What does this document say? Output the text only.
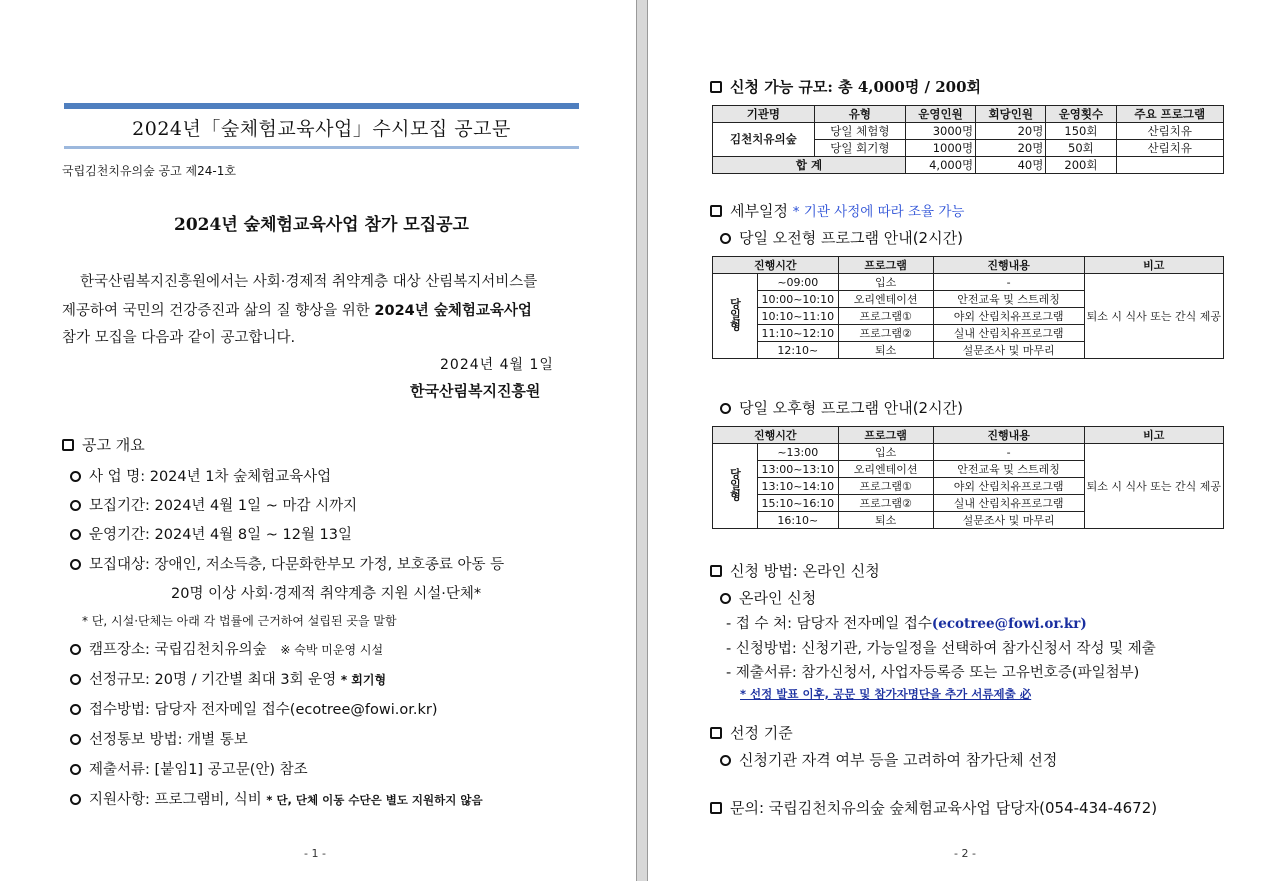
2024년「숲체험교육사업」수시모집 공고문
국립김천치유의숲 공고 제24-1호
2024년 숲체험교육사업 참가 모집공고
한국산림복지진흥원에서는 사회·경제적 취약계층 대상 산림복지서비스를
제공하여 국민의 건강증진과 삶의 질 향상을 위한 2024년 숲체험교육사업
참가 모집을 다음과 같이 공고합니다.
2024년 4월 1일
한국산림복지진흥원
공고 개요
사 업 명: 2024년 1차 숲체험교육사업
모집기간: 2024년 4월 1일 ~ 마감 시까지
운영기간: 2024년 4월 8일 ~ 12월 13일
모집대상: 장애인, 저소득층, 다문화한부모 가정, 보호종료 아동 등
20명 이상 사회·경제적 취약계층 지원 시설·단체*
* 단, 시설·단체는 아래 각 법률에 근거하여 설립된 곳을 말함
캠프장소: 국립김천치유의숲 ※ 숙박 미운영 시설
선정규모: 20명 / 기간별 최대 3회 운영 * 회기형
접수방법: 담당자 전자메일 접수(ecotree@fowi.or.kr)
선정통보 방법: 개별 통보
제출서류: [붙임1] 공고문(안) 참조
지원사항: 프로그램비, 식비 * 단, 단체 이동 수단은 별도 지원하지 않음
- 1 -
신청 가능 규모: 총 4,000명 / 200회
기관명	유형	운영인원	회당인원	운영횟수	주요 프로그램
김천치유의숲	당일 체험형	3000명	20명	150회	산림치유
	당일 회기형	1000명	20명	50회	산림치유
합 계		4,000명	40명	200회	
세부일정 * 기관 사정에 따라 조율 가능
당일 오전형 프로그램 안내(2시간)
진행시간		프로그램	진행내용	비고
당일형	~09:00	입소	-	퇴소 시 식사 또는 간식 제공
	10:00~10:10	오리엔테이션	안전교육 및 스트레칭	
	10:10~11:10	프로그램①	야외 산림치유프로그램	
	11:10~12:10	프로그램②	실내 산림치유프로그램	
	12:10~	퇴소	설문조사 및 마무리	
당일 오후형 프로그램 안내(2시간)
진행시간		프로그램	진행내용	비고
당일형	~13:00	입소	-	퇴소 시 식사 또는 간식 제공
	13:00~13:10	오리엔테이션	안전교육 및 스트레칭	
	13:10~14:10	프로그램①	야외 산림치유프로그램	
	15:10~16:10	프로그램②	실내 산림치유프로그램	
	16:10~	퇴소	설문조사 및 마무리	
신청 방법: 온라인 신청
온라인 신청
- 접 수 처: 담당자 전자메일 접수(ecotree@fowi.or.kr)
- 신청방법: 신청기관, 가능일정을 선택하여 참가신청서 작성 및 제출
- 제출서류: 참가신청서, 사업자등록증 또는 고유번호증(파일첨부)
* 선정 발표 이후, 공문 및 참가자명단을 추가 서류제출 必
선정 기준
신청기관 자격 여부 등을 고려하여 참가단체 선정
문의: 국립김천치유의숲 숲체험교육사업 담당자(054-434-4672)
- 2 -
